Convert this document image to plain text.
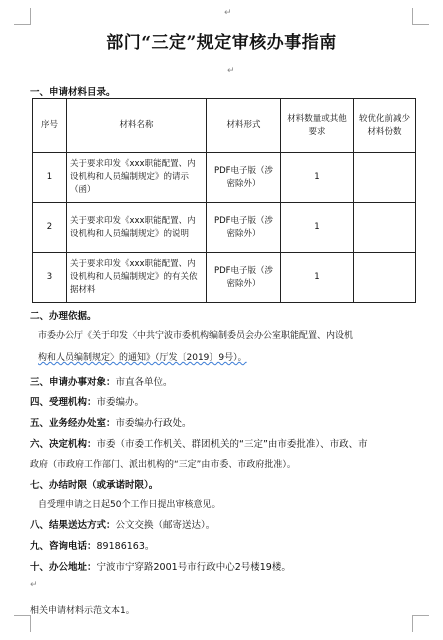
↵
部门“三定”规定审核办事指南
↵
一、申请材料目录。
序号	材料名称	材料形式	材料数量或其他要求	较优化前减少材料份数
1	关于要求印发《xxx职能配置、内设机构和人员编制规定》的请示（函）	PDF电子版（涉密除外）	1	
2	关于要求印发《xxx职能配置、内设机构和人员编制规定》的说明	PDF电子版（涉密除外）	1	
3	关于要求印发《xxx职能配置、内设机构和人员编制规定》的有关依据材料	PDF电子版（涉密除外）	1	
二、办理依据。
市委办公厅《关于印发〈中共宁波市委机构编制委员会办公室职能配置、内设机
构和人员编制规定〉的通知》（厅发〔2019〕9号）。
三、申请办事对象：市直各单位。
四、受理机构：市委编办。
五、业务经办处室：市委编办行政处。
六、决定机构：市委（市委工作机关、群团机关的“三定”由市委批准）、市政、市
政府（市政府工作部门、派出机构的“三定”由市委、市政府批准）。
七、办结时限（或承诺时限）。
自受理申请之日起50个工作日提出审核意见。
八、结果送达方式：公文交换（邮寄送达）。
九、咨询电话：89186163。
十、办公地址：宁波市宁穿路2001号市行政中心2号楼19楼。
↵
相关申请材料示范文本1。
